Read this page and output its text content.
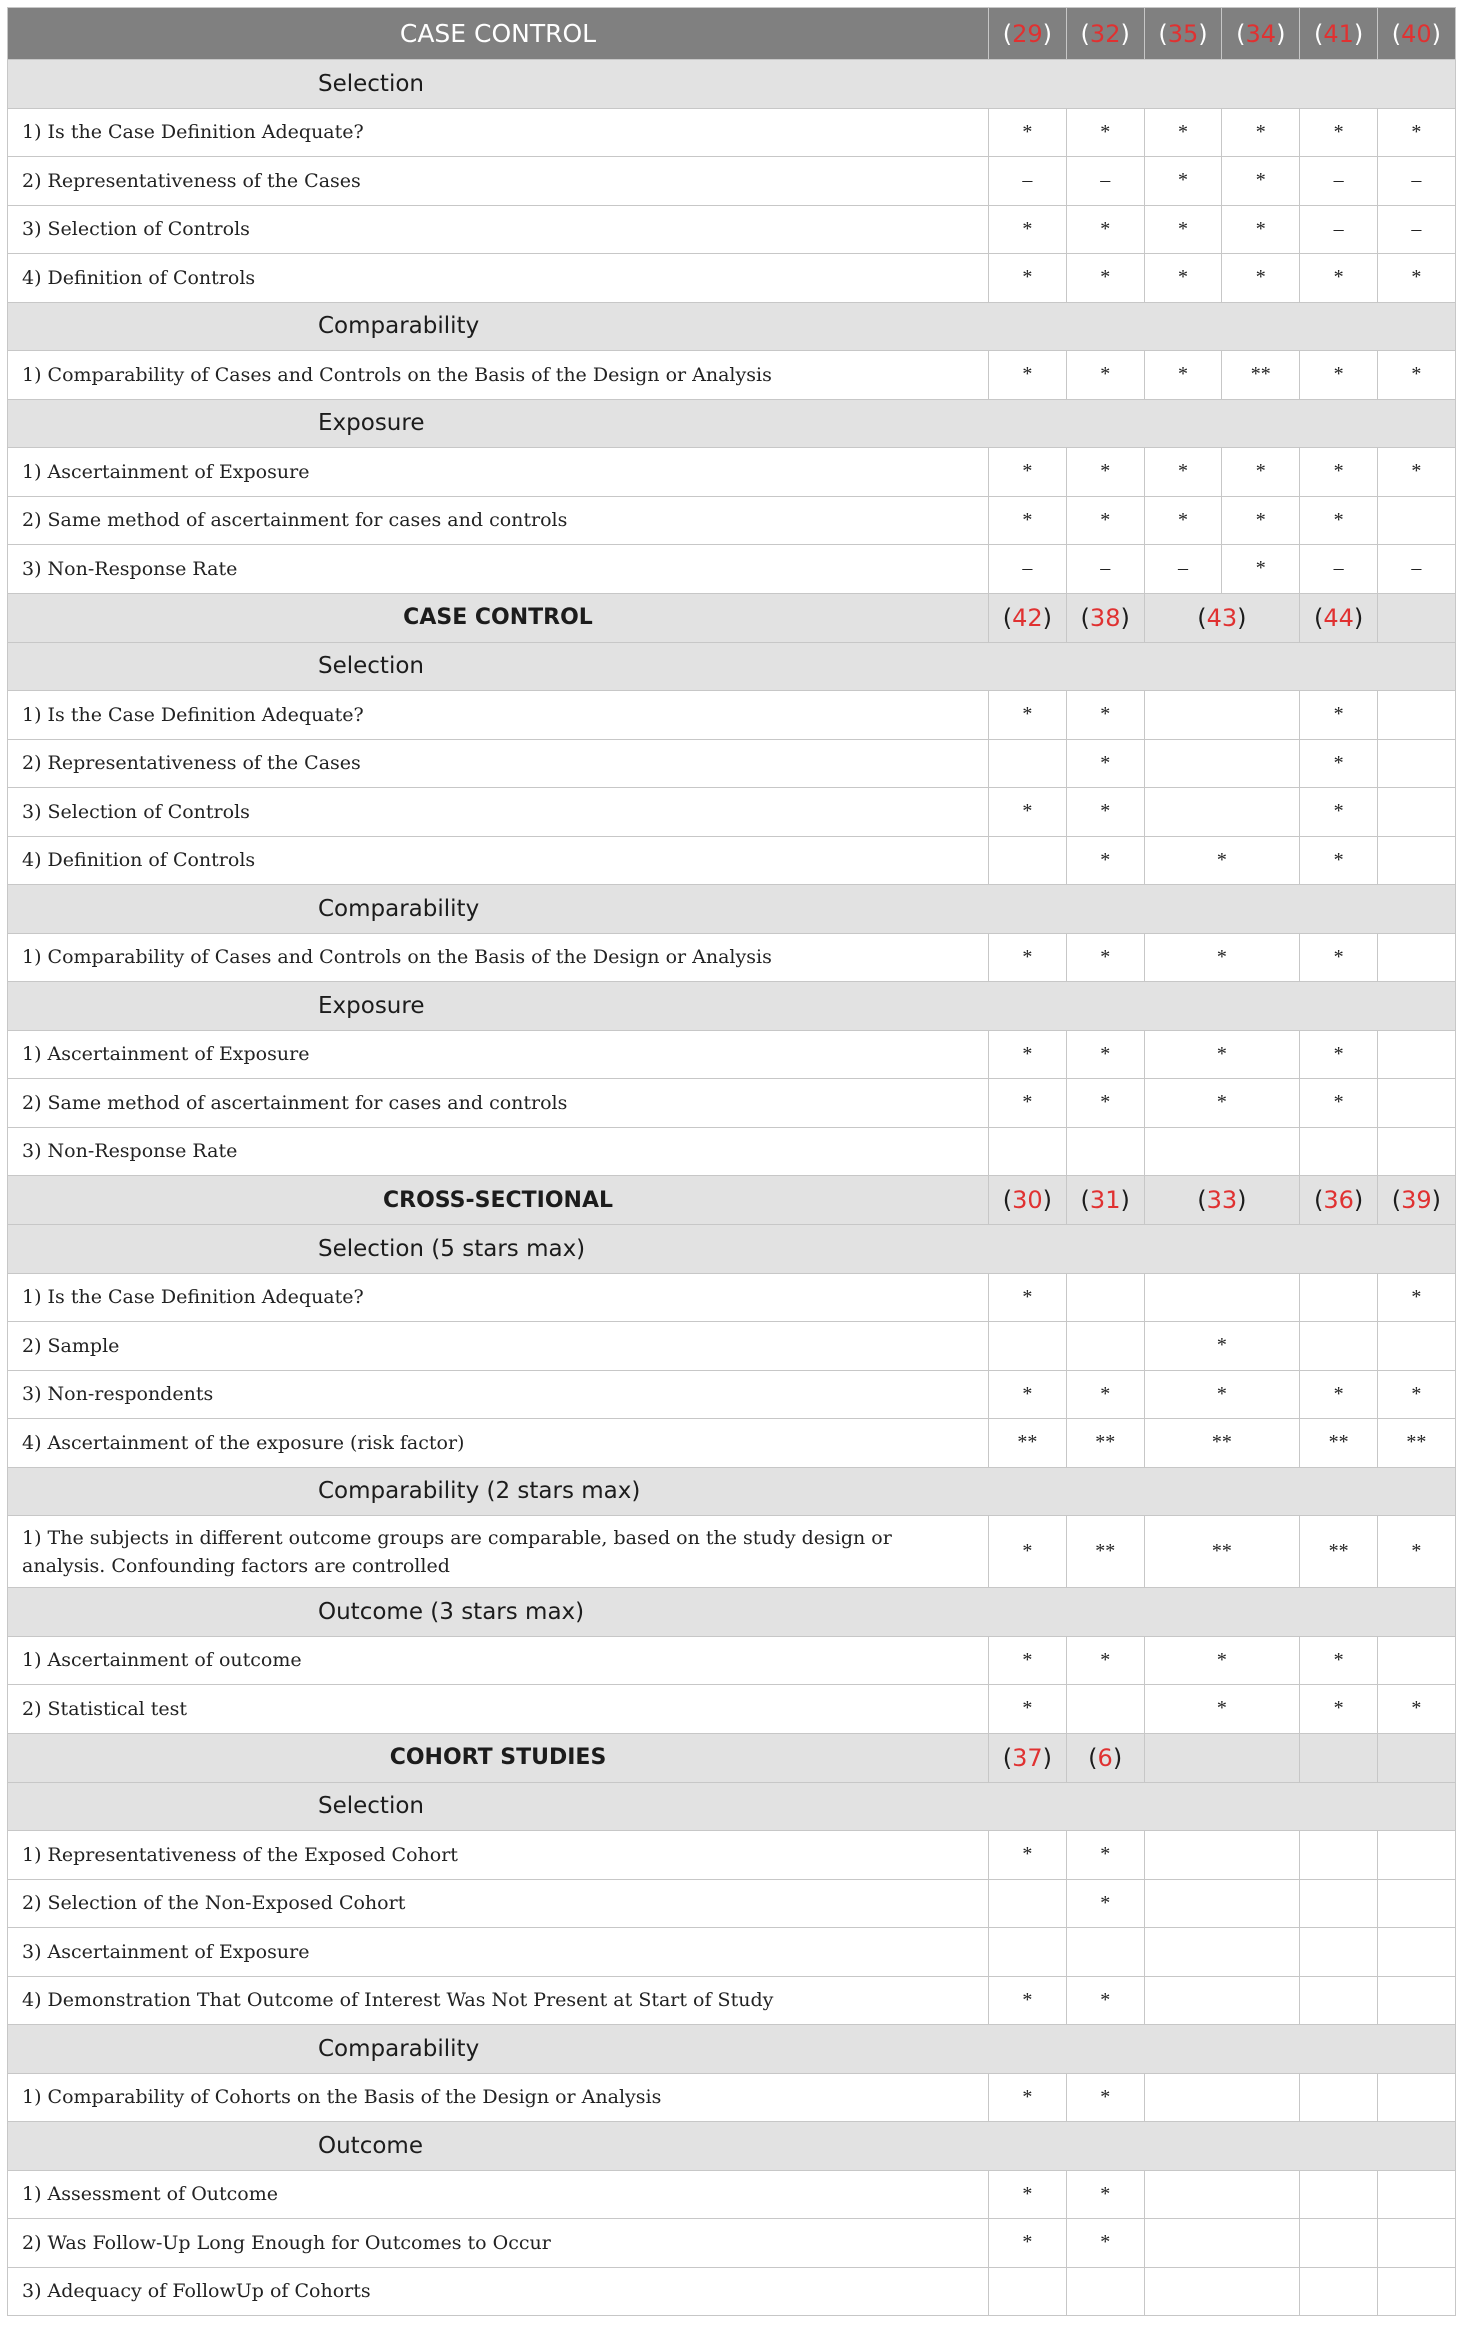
CASE CONTROL	(29)	(32)	(35)	(34)	(41)	(40)
Selection						
1) Is the Case Definition Adequate?	*	*	*	*	*	*
2) Representativeness of the Cases	–	–	*	*	–	–
3) Selection of Controls	*	*	*	*	–	–
4) Definition of Controls	*	*	*	*	*	*
Comparability						
1) Comparability of Cases and Controls on the Basis of the Design or Analysis	*	*	*	**	*	*
Exposure						
1) Ascertainment of Exposure	*	*	*	*	*	*
2) Same method of ascertainment for cases and controls	*	*	*	*	*	
3) Non-Response Rate	–	–	–	*	–	–
CASE CONTROL	(42)	(38)	(43)		(44)	
Selection						
1) Is the Case Definition Adequate?	*	*			*	
2) Representativeness of the Cases		*			*	
3) Selection of Controls	*	*			*	
4) Definition of Controls		*	*		*	
Comparability						
1) Comparability of Cases and Controls on the Basis of the Design or Analysis	*	*	*		*	
Exposure						
1) Ascertainment of Exposure	*	*	*		*	
2) Same method of ascertainment for cases and controls	*	*	*		*	
3) Non-Response Rate						
CROSS-SECTIONAL	(30)	(31)	(33)		(36)	(39)
Selection (5 stars max)						
1) Is the Case Definition Adequate?	*					*
2) Sample			*			
3) Non-respondents	*	*	*		*	*
4) Ascertainment of the exposure (risk factor)	**	**	**		**	**
Comparability (2 stars max)						
1) The subjects in different outcome groups are comparable, based on the study design or analysis. Confounding factors are controlled	*	**	**		**	*
Outcome (3 stars max)						
1) Ascertainment of outcome	*	*	*		*	
2) Statistical test	*		*		*	*
COHORT STUDIES	(37)	(6)				
Selection						
1) Representativeness of the Exposed Cohort	*	*				
2) Selection of the Non-Exposed Cohort		*				
3) Ascertainment of Exposure						
4) Demonstration That Outcome of Interest Was Not Present at Start of Study	*	*				
Comparability						
1) Comparability of Cohorts on the Basis of the Design or Analysis	*	*				
Outcome						
1) Assessment of Outcome	*	*				
2) Was Follow-Up Long Enough for Outcomes to Occur	*	*				
3) Adequacy of FollowUp of Cohorts						
